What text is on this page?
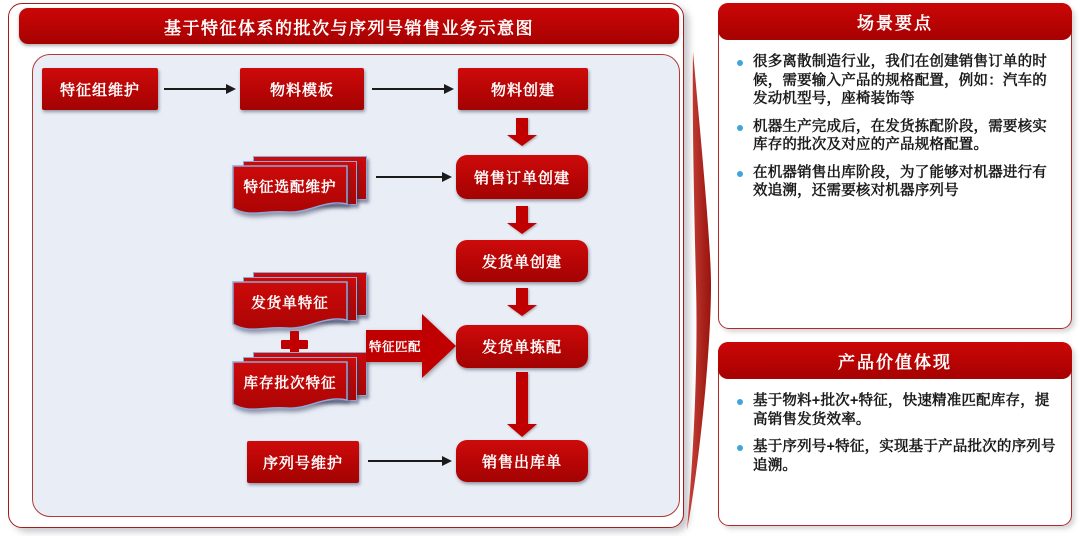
基于特征体系的批次与序列号销售业务示意图
特征组维护	物料模板	物料创建
销售订单创建
发货单创建
发货单拣配
销售出库单
特征选配维护
发货单特征
库存批次特征
特征匹配
序列号维护
场景要点
很多离散制造行业，我们在创建销售订单的时候，需要输入产品的规格配置，例如：汽车的发动机型号，座椅装饰等
机器生产完成后，在发货拣配阶段，需要核实库存的批次及对应的产品规格配置。
在机器销售出库阶段，为了能够对机器进行有效追溯，还需要核对机器序列号
产品价值体现
基于物料+批次+特征，快速精准匹配库存，提高销售发货效率。
基于序列号+特征，实现基于产品批次的序列号追溯。
